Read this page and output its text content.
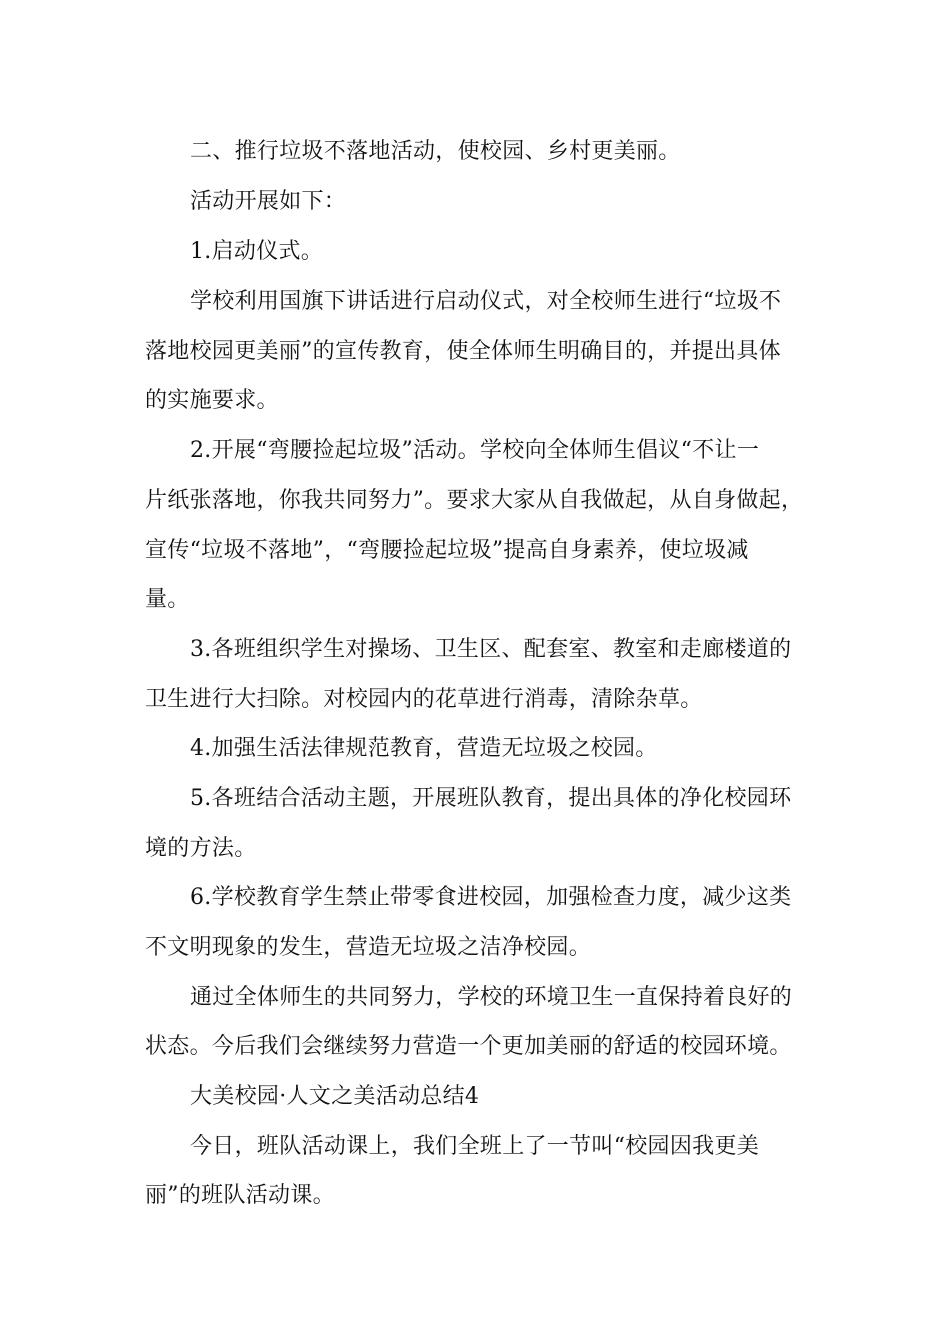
二、推行垃圾不落地活动，使校园、乡村更美丽。
活动开展如下：
1.启动仪式。
学校利用国旗下讲话进行启动仪式，对全校师生进行“垃圾不
落地校园更美丽”的宣传教育，使全体师生明确目的，并提出具体
的实施要求。
2.开展“弯腰捡起垃圾”活动。学校向全体师生倡议“不让一
片纸张落地，你我共同努力”。要求大家从自我做起，从自身做起，
宣传“垃圾不落地”，“弯腰捡起垃圾”提高自身素养，使垃圾减
量。
3.各班组织学生对操场、卫生区、配套室、教室和走廊楼道的
卫生进行大扫除。对校园内的花草进行消毒，清除杂草。
4.加强生活法律规范教育，营造无垃圾之校园。
5.各班结合活动主题，开展班队教育，提出具体的净化校园环
境的方法。
6.学校教育学生禁止带零食进校园，加强检查力度，减少这类
不文明现象的发生，营造无垃圾之洁净校园。
通过全体师生的共同努力，学校的环境卫生一直保持着良好的
状态。今后我们会继续努力营造一个更加美丽的舒适的校园环境。
大美校园·人文之美活动总结4
今日，班队活动课上，我们全班上了一节叫“校园因我更美
丽”的班队活动课。
